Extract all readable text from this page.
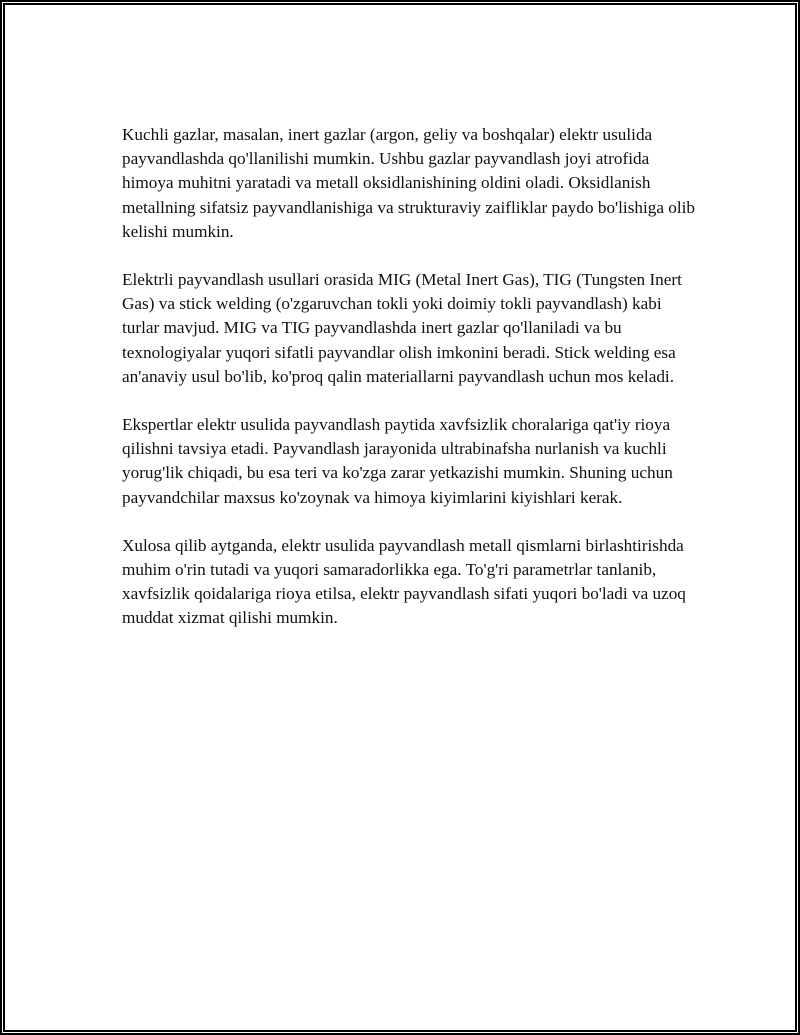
Kuchli gazlar, masalan, inert gazlar (argon, geliy va boshqalar) elektr usulida payvandlashda qo'llanilishi mumkin. Ushbu gazlar payvandlash joyi atrofida himoya muhitni yaratadi va metall oksidlanishining oldini oladi. Oksidlanish metallning sifatsiz payvandlanishiga va strukturaviy zaifliklar paydo bo'lishiga olib kelishi mumkin.

Elektrli payvandlash usullari orasida MIG (Metal Inert Gas), TIG (Tungsten Inert Gas) va stick welding (o'zgaruvchan tokli yoki doimiy tokli payvandlash) kabi turlar mavjud. MIG va TIG payvandlashda inert gazlar qo'llaniladi va bu texnologiyalar yuqori sifatli payvandlar olish imkonini beradi. Stick welding esa an'anaviy usul bo'lib, ko'proq qalin materiallarni payvandlash uchun mos keladi.

Ekspertlar elektr usulida payvandlash paytida xavfsizlik choralariga qat'iy rioya qilishni tavsiya etadi. Payvandlash jarayonida ultrabinafsha nurlanish va kuchli yorug'lik chiqadi, bu esa teri va ko'zga zarar yetkazishi mumkin. Shuning uchun payvandchilar maxsus ko'zoynak va himoya kiyimlarini kiyishlari kerak.

Xulosa qilib aytganda, elektr usulida payvandlash metall qismlarni birlashtirishda muhim o'rin tutadi va yuqori samaradorlikka ega. To'g'ri parametrlar tanlanib, xavfsizlik qoidalariga rioya etilsa, elektr payvandlash sifati yuqori bo'ladi va uzoq muddat xizmat qilishi mumkin.
